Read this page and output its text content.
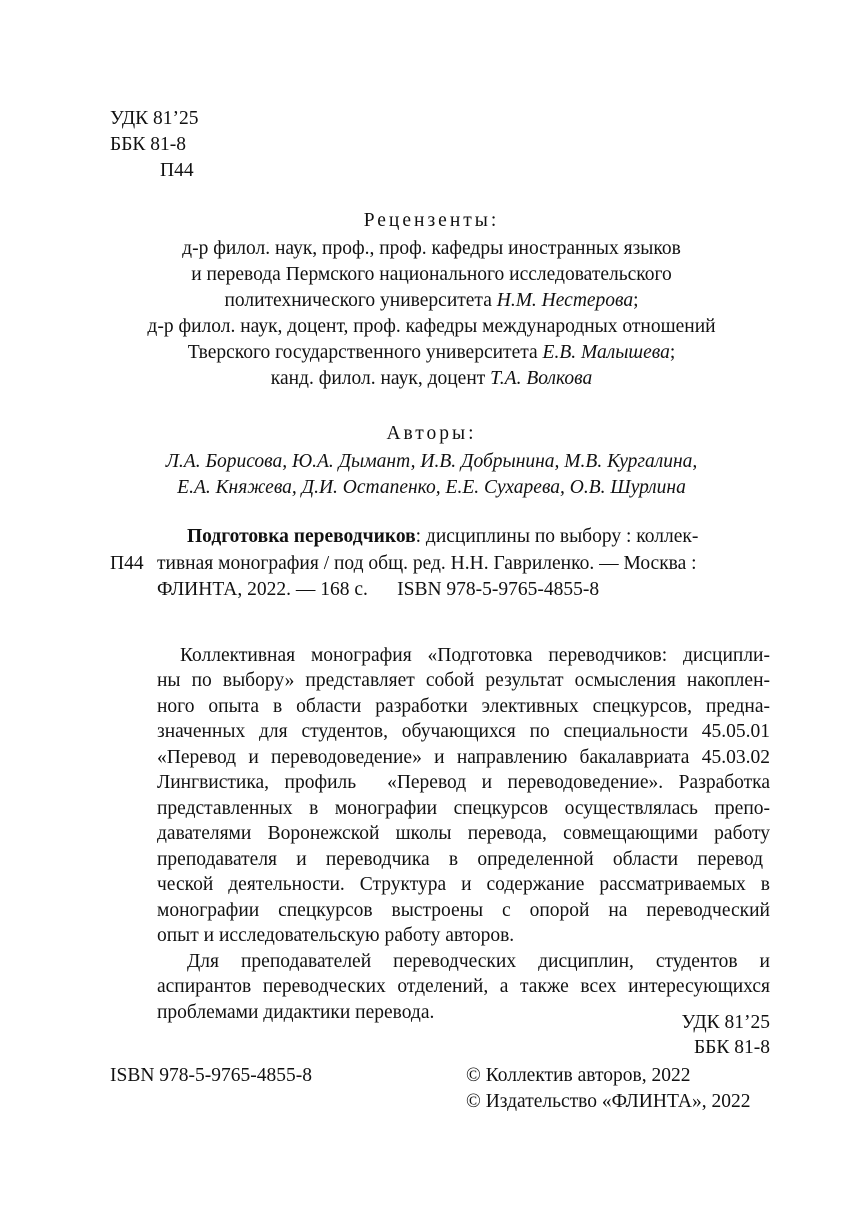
УДК 81’25
ББК 81-8
П44
Рецензенты:
д-р филол. наук, проф., проф. кафедры иностранных языков
и перевода Пермского национального исследовательского
политехнического университета Н.М. Нестерова;
д-р филол. наук, доцент, проф. кафедры международных отношений
Тверского государственного университета Е.В. Малышева;
канд. филол. наук, доцент Т.А. Волкова
Авторы:
Л.А. Борисова, Ю.А. Дымант, И.В. Добрынина, М.В. Кургалина,
Е.А. Княжева, Д.И. Остапенко, Е.Е. Сухарева, О.В. Шурлина
Подготовка переводчиков: дисциплины по выбору : коллек-
П44 тивная монография / под общ. ред. Н.Н. Гавриленко. — Москва :
ФЛИНТА, 2022. — 168 с.      ISBN 978-5-9765-4855-8
Коллективная монография «Подготовка переводчиков: дисципли-
ны по выбору» представляет собой результат осмысления накоплен-
ного опыта в области разработки элективных спецкурсов, предна-
значенных для студентов, обучающихся по специальности 45.05.01
«Перевод и переводоведение» и направлению бакалавриата 45.03.02
Лингвистика, профиль  «Перевод и переводоведение». Разработка
представленных в монографии спецкурсов осуществлялась препо-
давателями Воронежской школы перевода, совмещающими работу
преподавателя и переводчика в определенной области перевод
ческой деятельности. Структура и содержание рассматриваемых в
монографии спецкурсов выстроены с опорой на переводческий
опыт и исследовательскую работу авторов.
Для преподавателей переводческих дисциплин, студентов и
аспирантов переводческих отделений, а также всех интересующихся
проблемами дидактики перевода.	УДК 81’25
ББК 81-8
ISBN 978-5-9765-4855-8	© Коллектив авторов, 2022
© Издательство «ФЛИНТА», 2022
